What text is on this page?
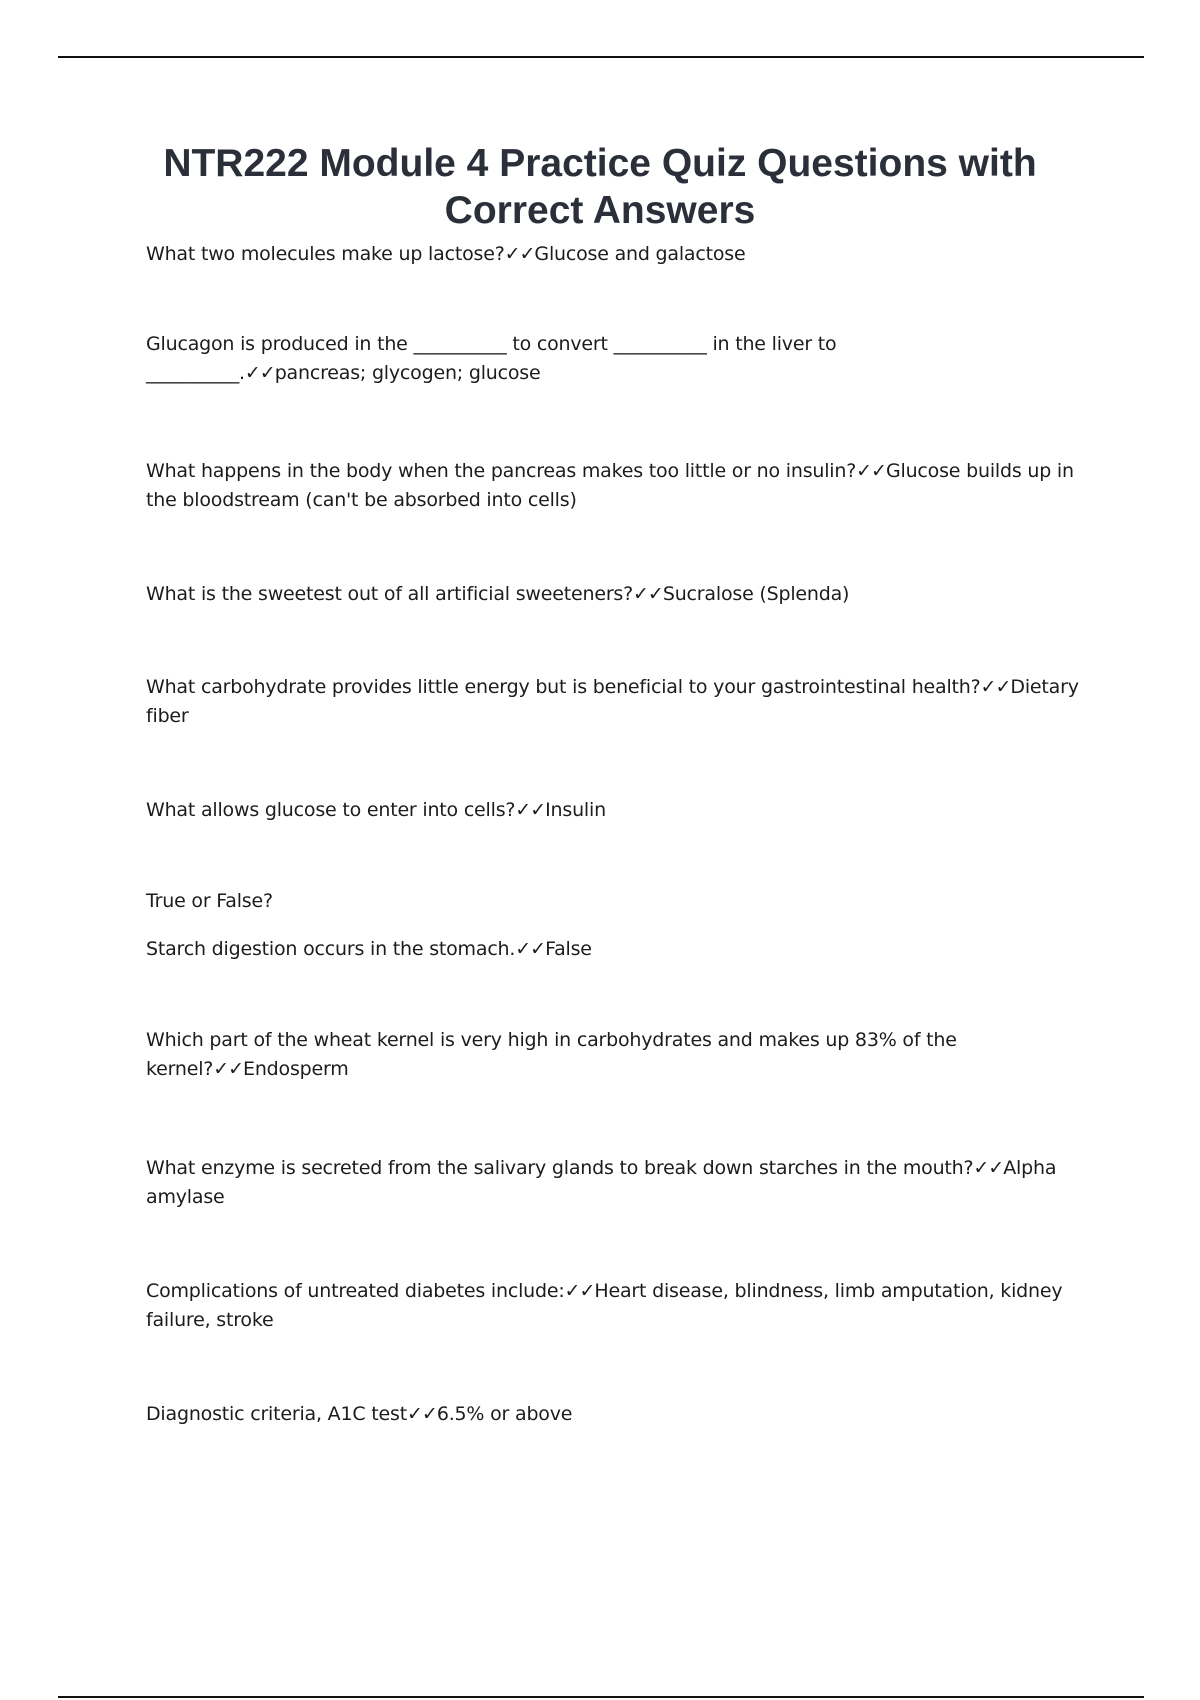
NTR222 Module 4 Practice Quiz Questions with
Correct Answers

What two molecules make up lactose?✓✓Glucose and galactose

Glucagon is produced in the __________ to convert __________ in the liver to
__________.✓✓pancreas; glycogen; glucose

What happens in the body when the pancreas makes too little or no insulin?✓✓Glucose builds up in the bloodstream (can't be absorbed into cells)

What is the sweetest out of all artificial sweeteners?✓✓Sucralose (Splenda)

What carbohydrate provides little energy but is beneficial to your gastrointestinal health?✓✓Dietary fiber

What allows glucose to enter into cells?✓✓Insulin

True or False?

Starch digestion occurs in the stomach.✓✓False

Which part of the wheat kernel is very high in carbohydrates and makes up 83% of the
kernel?✓✓Endosperm

What enzyme is secreted from the salivary glands to break down starches in the mouth?✓✓Alpha amylase

Complications of untreated diabetes include:✓✓Heart disease, blindness, limb amputation, kidney failure, stroke

Diagnostic criteria, A1C test✓✓6.5% or above
